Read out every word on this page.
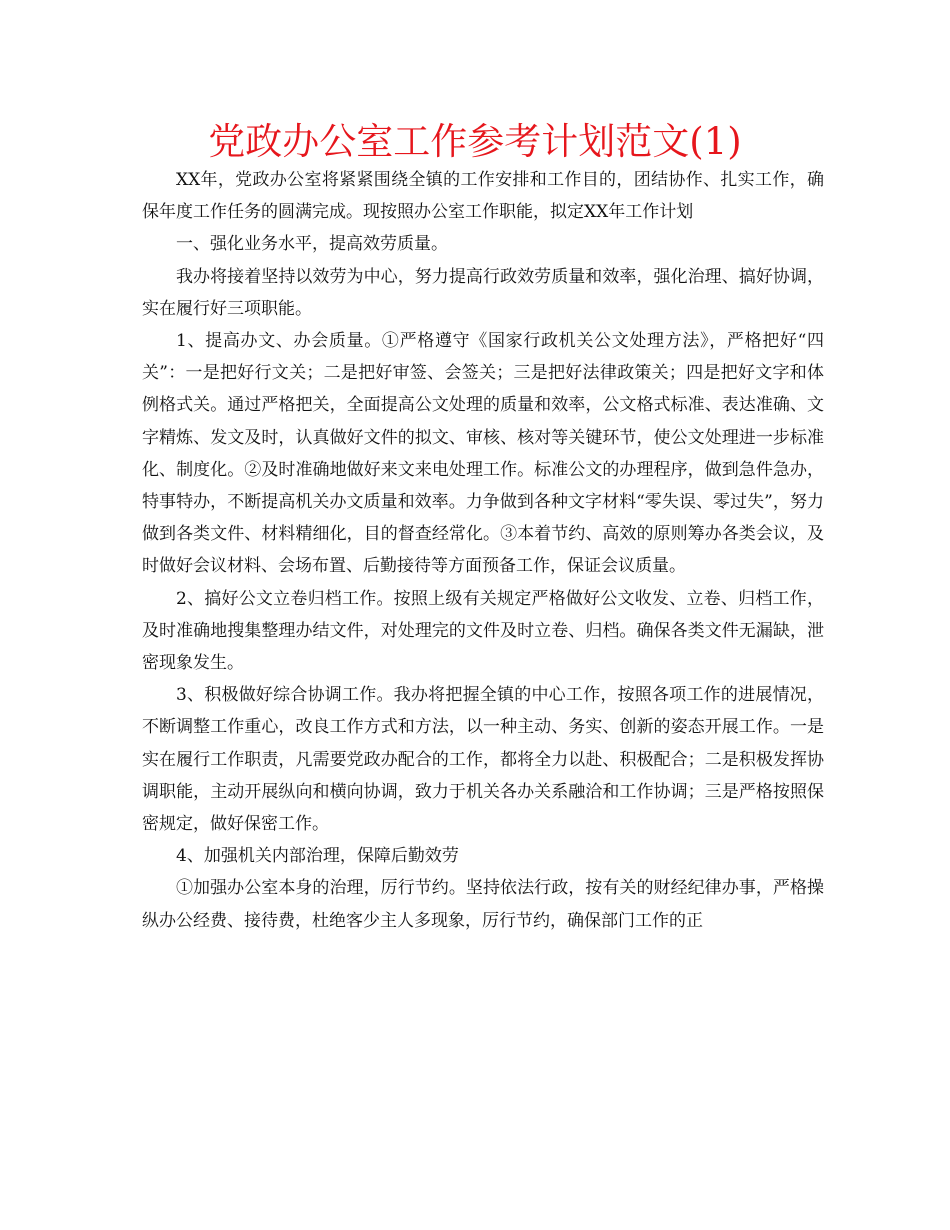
党政办公室工作参考计划范文(1)

XX年，党政办公室将紧紧围绕全镇的工作安排和工作目的，团结协作、扎实工作，确保年度工作任务的圆满完成。现按照办公室工作职能，拟定XX年工作计划

一、强化业务水平，提高效劳质量。

我办将接着坚持以效劳为中心，努力提高行政效劳质量和效率，强化治理、搞好协调，实在履行好三项职能。

1、提高办文、办会质量。①严格遵守《国家行政机关公文处理方法》，严格把好“四关”：一是把好行文关；二是把好审签、会签关；三是把好法律政策关；四是把好文字和体例格式关。通过严格把关，全面提高公文处理的质量和效率，公文格式标准、表达准确、文字精炼、发文及时，认真做好文件的拟文、审核、核对等关键环节，使公文处理进一步标准化、制度化。②及时准确地做好来文来电处理工作。标准公文的办理程序，做到急件急办，特事特办，不断提高机关办文质量和效率。力争做到各种文字材料“零失误、零过失”，努力做到各类文件、材料精细化，目的督查经常化。③本着节约、高效的原则筹办各类会议，及时做好会议材料、会场布置、后勤接待等方面预备工作，保证会议质量。

2、搞好公文立卷归档工作。按照上级有关规定严格做好公文收发、立卷、归档工作，及时准确地搜集整理办结文件，对处理完的文件及时立卷、归档。确保各类文件无漏缺，泄密现象发生。

3、积极做好综合协调工作。我办将把握全镇的中心工作，按照各项工作的进展情况，不断调整工作重心，改良工作方式和方法，以一种主动、务实、创新的姿态开展工作。一是实在履行工作职责，凡需要党政办配合的工作，都将全力以赴、积极配合；二是积极发挥协调职能，主动开展纵向和横向协调，致力于机关各办关系融洽和工作协调；三是严格按照保密规定，做好保密工作。

4、加强机关内部治理，保障后勤效劳

①加强办公室本身的治理，厉行节约。坚持依法行政，按有关的财经纪律办事，严格操纵办公经费、接待费，杜绝客少主人多现象，厉行节约，确保部门工作的正
